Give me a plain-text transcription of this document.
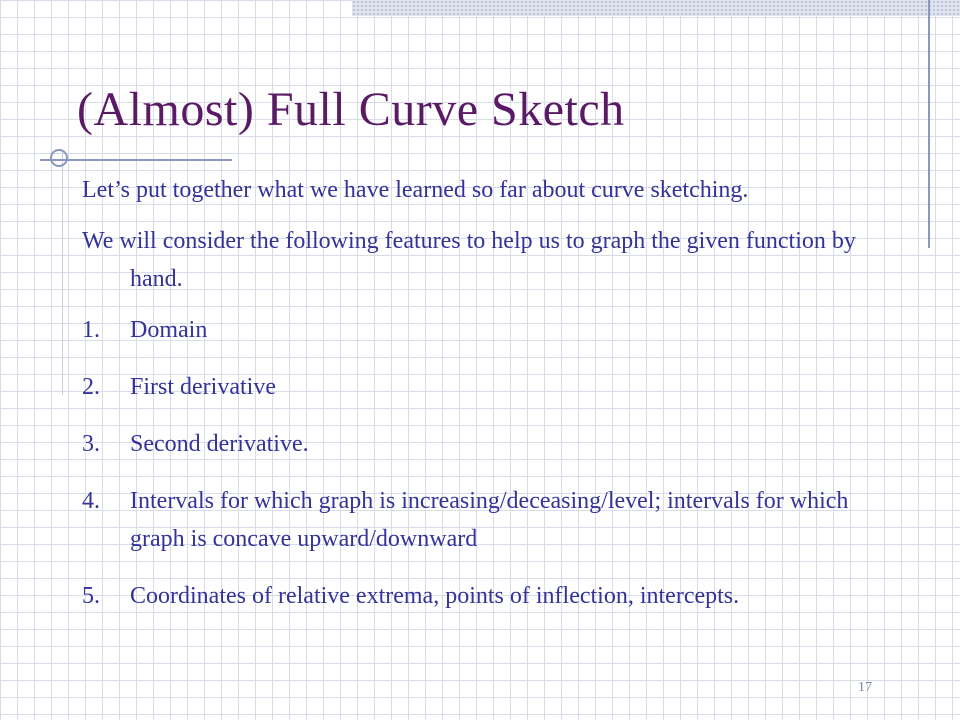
(Almost) Full Curve Sketch

Let’s put together what we have learned so far about curve sketching.

We will consider the following features to help us to graph the given function by hand.

1. Domain
2. First derivative
3. Second derivative.
4. Intervals for which graph is increasing/deceasing/level; intervals for which graph is concave upward/downward
5. Coordinates of relative extrema, points of inflection, intercepts.
17
